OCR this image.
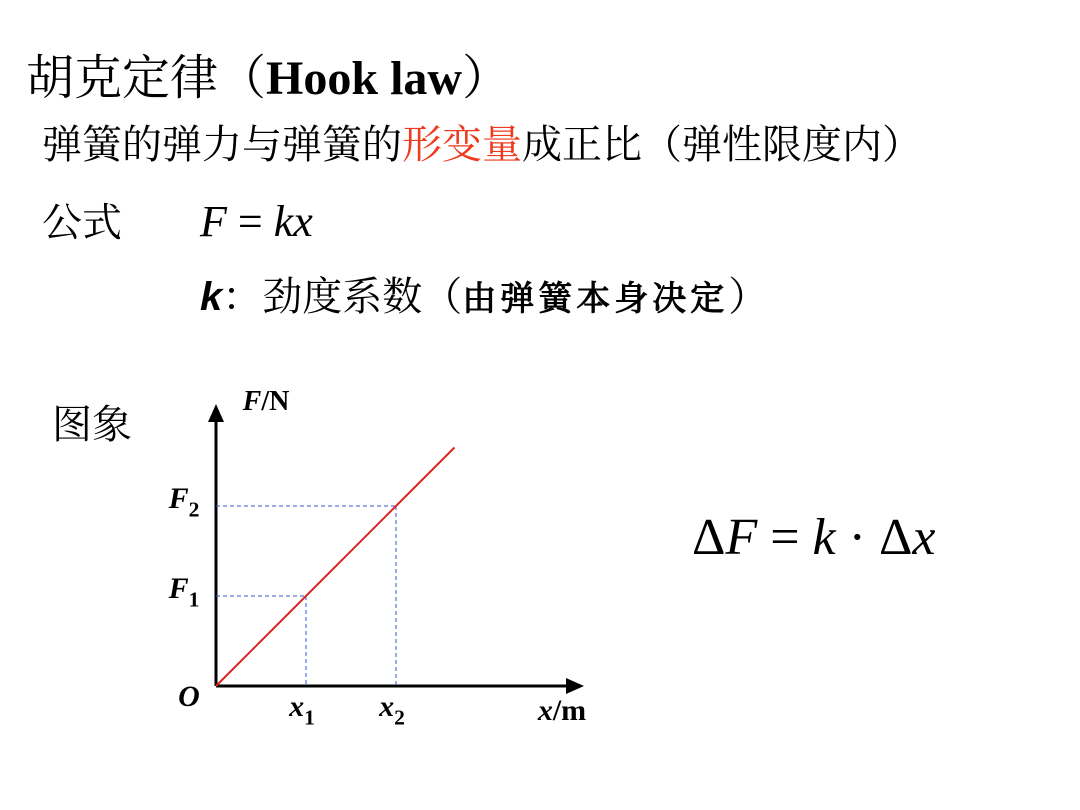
胡克定律（Hook law）
弹簧的弹力与弹簧的形变量成正比（弹性限度内）
公式 F = kx
k：劲度系数（由弹簧本身决定）
图象
ΔF = k · Δx
F/N
x/m
O	$x_1$ $x_2$
$F_1$
$F_2$
